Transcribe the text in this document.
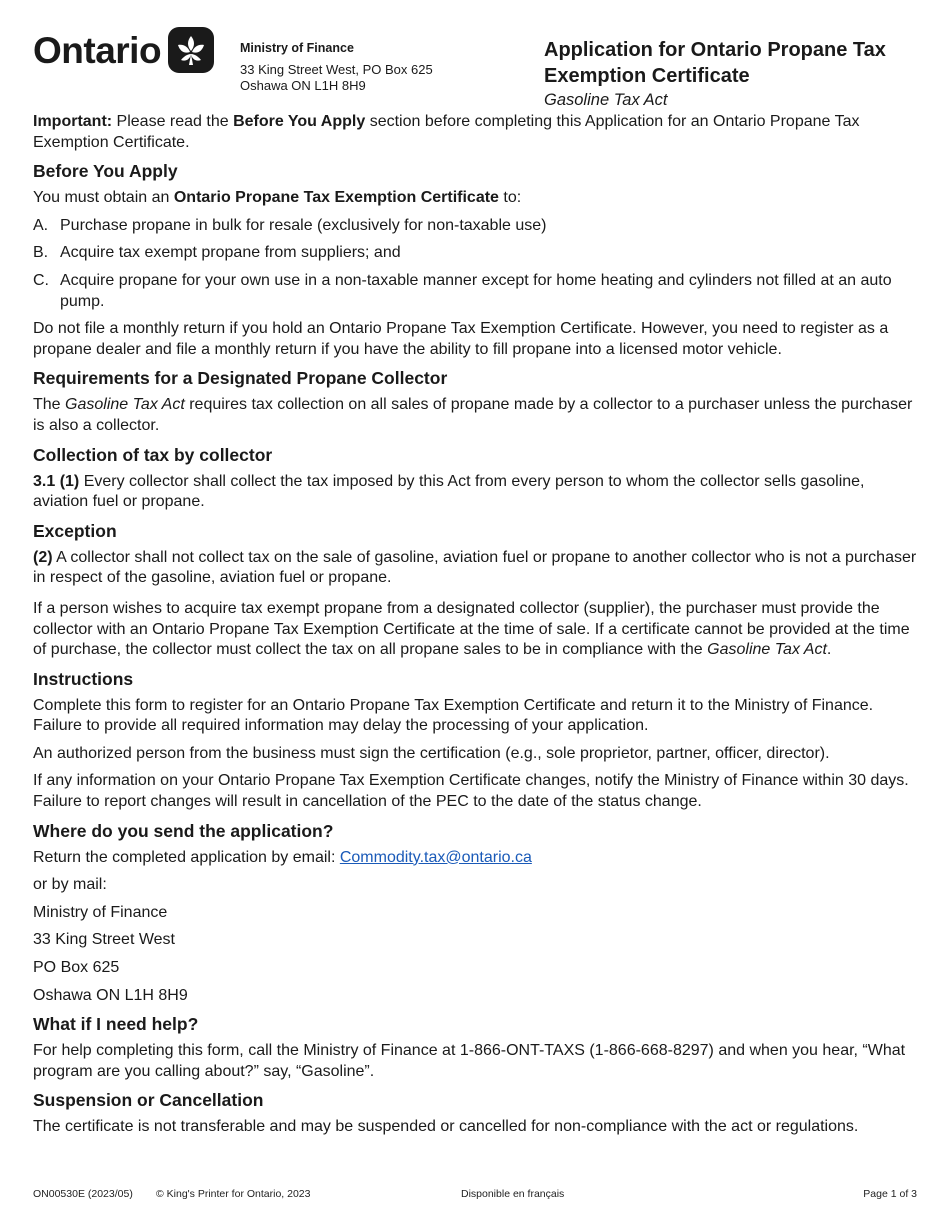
Ontario	Ministry of Finance
33 King Street West, PO Box 625
Oshawa ON L1H 8H9
Application for Ontario Propane Tax Exemption Certificate
Gasoline Tax Act

Important: Please read the Before You Apply section before completing this Application for an Ontario Propane Tax Exemption Certificate.

Before You Apply

You must obtain an Ontario Propane Tax Exemption Certificate to:

A. Purchase propane in bulk for resale (exclusively for non-taxable use)
B. Acquire tax exempt propane from suppliers; and
C. Acquire propane for your own use in a non-taxable manner except for home heating and cylinders not filled at an auto pump.

Do not file a monthly return if you hold an Ontario Propane Tax Exemption Certificate. However, you need to register as a propane dealer and file a monthly return if you have the ability to fill propane into a licensed motor vehicle.

Requirements for a Designated Propane Collector

The Gasoline Tax Act requires tax collection on all sales of propane made by a collector to a purchaser unless the purchaser is also a collector.

Collection of tax by collector

3.1 (1) Every collector shall collect the tax imposed by this Act from every person to whom the collector sells gasoline, aviation fuel or propane.

Exception

(2) A collector shall not collect tax on the sale of gasoline, aviation fuel or propane to another collector who is not a purchaser in respect of the gasoline, aviation fuel or propane.

If a person wishes to acquire tax exempt propane from a designated collector (supplier), the purchaser must provide the collector with an Ontario Propane Tax Exemption Certificate at the time of sale. If a certificate cannot be provided at the time of purchase, the collector must collect the tax on all propane sales to be in compliance with the Gasoline Tax Act.

Instructions

Complete this form to register for an Ontario Propane Tax Exemption Certificate and return it to the Ministry of Finance. Failure to provide all required information may delay the processing of your application.

An authorized person from the business must sign the certification (e.g., sole proprietor, partner, officer, director).

If any information on your Ontario Propane Tax Exemption Certificate changes, notify the Ministry of Finance within 30 days. Failure to report changes will result in cancellation of the PEC to the date of the status change.

Where do you send the application?

Return the completed application by email: Commodity.tax@ontario.ca

or by mail:

Ministry of Finance

33 King Street West

PO Box 625

Oshawa ON L1H 8H9

What if I need help?

For help completing this form, call the Ministry of Finance at 1-866-ONT-TAXS (1-866-668-8297) and when you hear, “What program are you calling about?” say, “Gasoline”.

Suspension or Cancellation

The certificate is not transferable and may be suspended or cancelled for non-compliance with the act or regulations.

ON00530E (2023/05) © King's Printer for Ontario, 2023	Disponible en français	Page 1 of 3
